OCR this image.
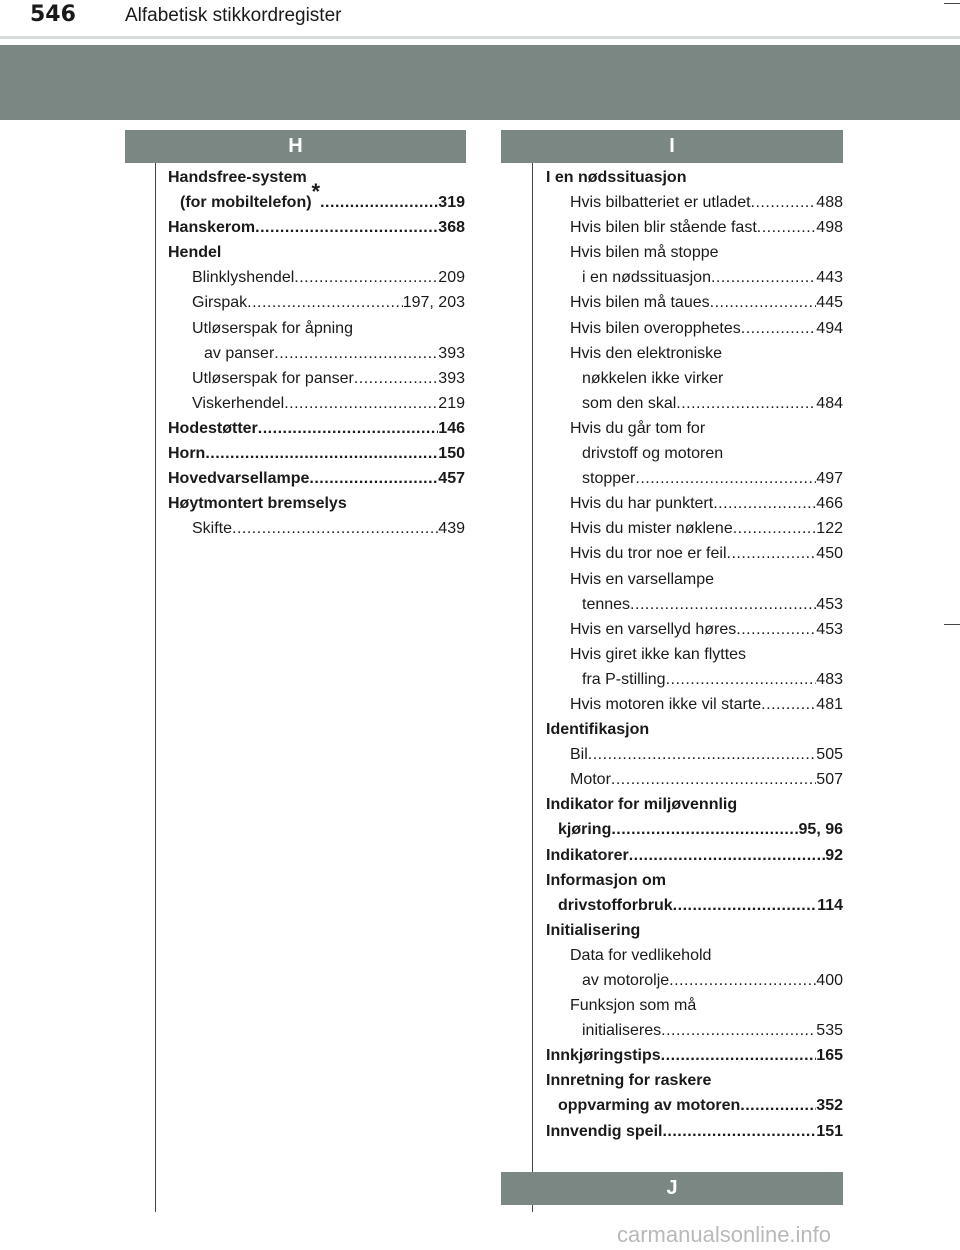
546	Alfabetisk stikkordregister
H	I
J
Handsfree-system
(for mobiltelefon)* .....	319
Hanskerom .....	368
Hendel
Blinklyshendel .....	209
Girspak .....	197, 203
Utløserspak for åpning
av panser .....	393
Utløserspak for panser .....	393
Viskerhendel .....	219
Hodestøtter .....	146
Horn .....	150
Hovedvarsellampe .....	457
Høytmontert bremselys
Skifte .....	439
I en nødssituasjon
Hvis bilbatteriet er utladet .....	488
Hvis bilen blir stående fast .....	498
Hvis bilen må stoppe
i en nødssituasjon .....	443
Hvis bilen må taues .....	445
Hvis bilen overopphetes .....	494
Hvis den elektroniske
nøkkelen ikke virker
som den skal .....	484
Hvis du går tom for
drivstoff og motoren
stopper .....	497
Hvis du har punktert .....	466
Hvis du mister nøklene .....	122
Hvis du tror noe er feil .....	450
Hvis en varsellampe
tennes .....	453
Hvis en varsellyd høres .....	453
Hvis giret ikke kan flyttes
fra P-stilling .....	483
Hvis motoren ikke vil starte .....	481
Identifikasjon
Bil .....	505
Motor .....	507
Indikator for miljøvennlig
kjøring .....	95, 96
Indikatorer .....	92
Informasjon om
drivstofforbruk .....	114
Initialisering
Data for vedlikehold
av motorolje .....	400
Funksjon som må
initialiseres .....	535
Innkjøringstips .....	165
Innretning for raskere
oppvarming av motoren .....	352
Innvendig speil .....	151
carmanualsonline.info
